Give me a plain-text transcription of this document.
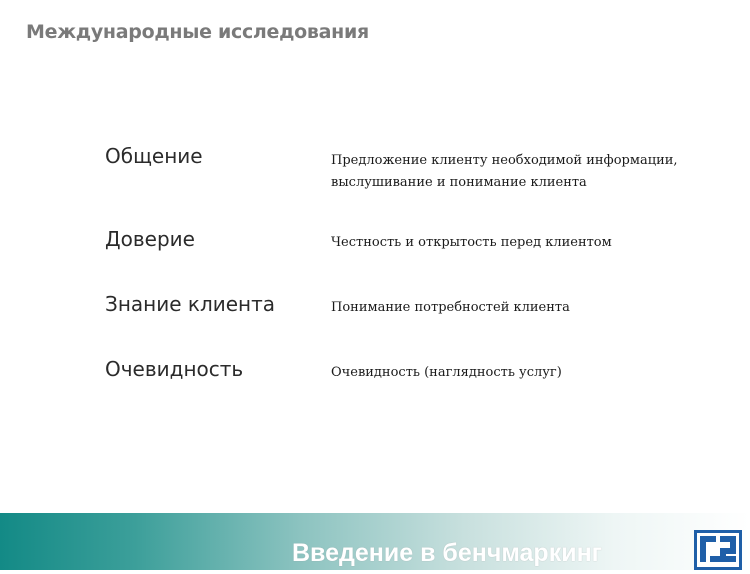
Международные исследования
Общение	Предложение клиенту необходимой информации, выслушивание и понимание клиента
Доверие	Честность и открытость перед клиентом
Знание клиента	Понимание потребностей клиента
Очевидность	Очевидность (наглядность услуг)
Введение в бенчмаркинг
